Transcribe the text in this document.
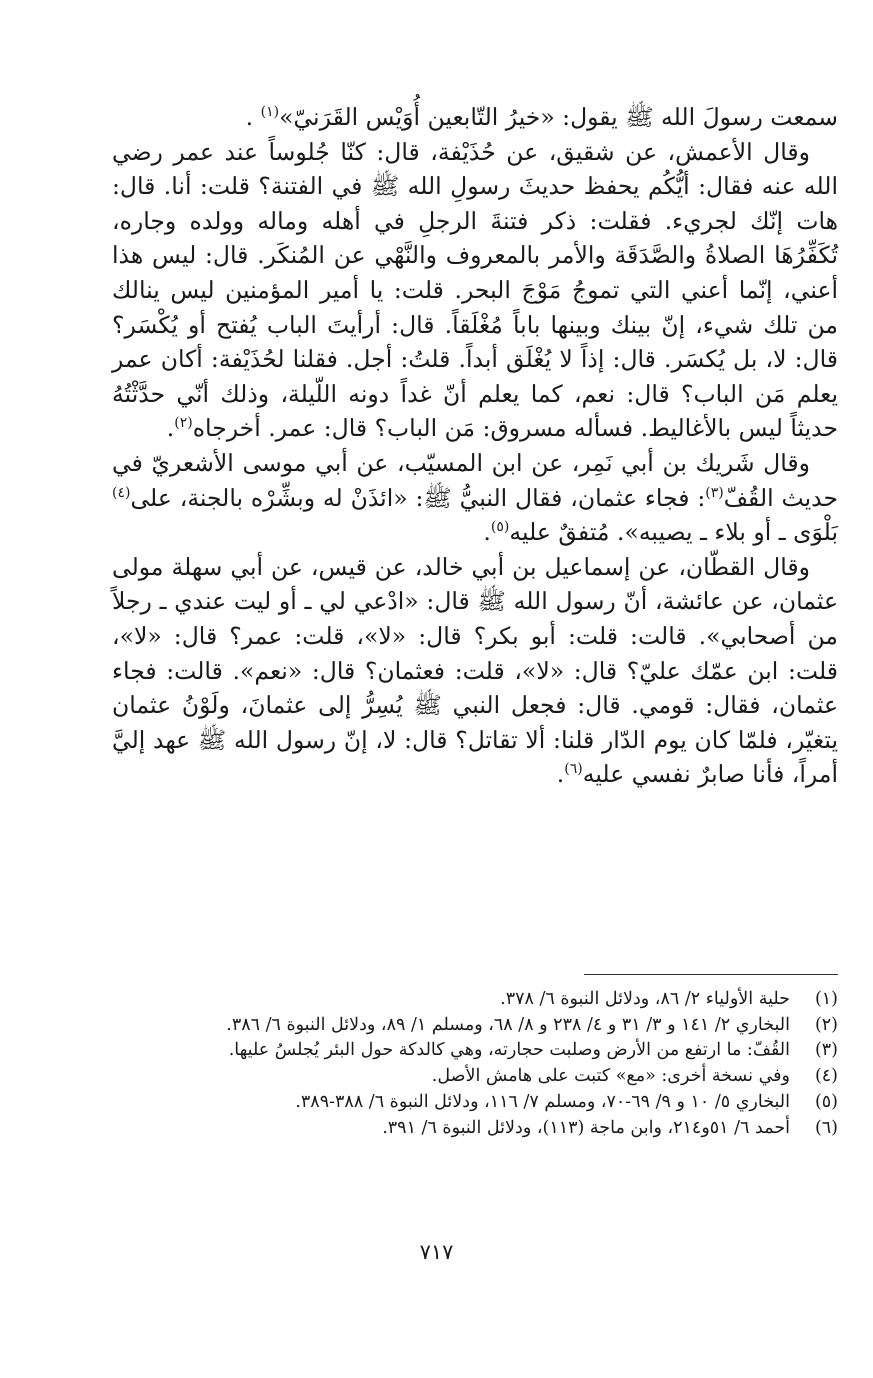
سمعت رسولَ الله ﷺ يقول: «خيرُ التّابعين أُوَيْس القَرَنيّ»$^{(١)}$ .

وقال الأعمش، عن شقيق، عن حُذَيْفة، قال: كنّا جُلوساً عند عمر رضي الله عنه فقال: أيُّكُم يحفظ حديثَ رسولِ الله ﷺ في الفتنة؟ قلت: أنا. قال: هات إنّك لجريء. فقلت: ذكر فتنةَ الرجلِ في أهله وماله وولده وجاره، تُكَفِّرُهَا الصلاةُ والصَّدَقَة والأمر بالمعروف والنَّهْي عن المُنكَر. قال: ليس هذا أعني، إنّما أعني التي تموجُ مَوْجَ البحر. قلت: يا أمير المؤمنين ليس ينالك من تلك شيء، إنّ بينك وبينها باباً مُغْلَقاً. قال: أرأيتَ الباب يُفتح أو يُكْسَر؟ قال: لا، بل يُكسَر. قال: إذاً لا يُغْلَق أبداً. قلتُ: أجل. فقلنا لحُذَيْفة: أكان عمر يعلم مَن الباب؟ قال: نعم، كما يعلم أنّ غداً دونه اللّيلة، وذلك أنّي حدَّثْتُهُ حديثاً ليس بالأغاليط. فسأله مسروق: مَن الباب؟ قال: عمر. أخرجاه$^{(٢)}$.

وقال شَريك بن أبي نَمِر، عن ابن المسيّب، عن أبي موسى الأشعريّ في حديث القُفّ$^{(٣)}$: فجاء عثمان، فقال النبيُّ ﷺ: «ائذَنْ له وبشِّرْه بالجنة، على$^{(٤)}$ بَلْوَى ـ أو بلاء ـ يصيبه». مُتفقٌ عليه$^{(٥)}$.

وقال القطّان، عن إسماعيل بن أبي خالد، عن قيس، عن أبي سهلة مولى عثمان، عن عائشة، أنّ رسول الله ﷺ قال: «ادْعي لي ـ أو ليت عندي ـ رجلاً من أصحابي». قالت: قلت: أبو بكر؟ قال: «لا»، قلت: عمر؟ قال: «لا»، قلت: ابن عمّك عليّ؟ قال: «لا»، قلت: فعثمان؟ قال: «نعم». قالت: فجاء عثمان، فقال: قومي. قال: فجعل النبي ﷺ يُسِرُّ إلى عثمانَ، ولَوْنُ عثمان يتغيّر، فلمّا كان يوم الدّار قلنا: ألا تقاتل؟ قال: لا، إنّ رسول الله ﷺ عهد إليَّ أمراً، فأنا صابرٌ نفسي عليه$^{(٦)}$.

(١)
حلية الأولياء ٢/ ٨٦، ودلائل النبوة ٦/ ٣٧٨.
(٢)
البخاري ٢/ ١٤١ و ٣/ ٣١ و ٤/ ٢٣٨ و ٨/ ٦٨، ومسلم ١/ ٨٩، ودلائل النبوة ٦/ ٣٨٦.
(٣)
القُفّ: ما ارتفع من الأرض وصلبت حجارته، وهي كالدكة حول البئر يُجلسُ عليها.
(٤)
وفي نسخة أخرى: «مع» كتبت على هامش الأصل.
(٥)
البخاري ٥/ ١٠ و ٩/ ٦٩-٧٠، ومسلم ٧/ ١١٦، ودلائل النبوة ٦/ ٣٨٨-٣٨٩.
(٦)
أحمد ٦/ ٥١و٢١٤، وابن ماجة (١١٣)، ودلائل النبوة ٦/ ٣٩١.
٧١٧
